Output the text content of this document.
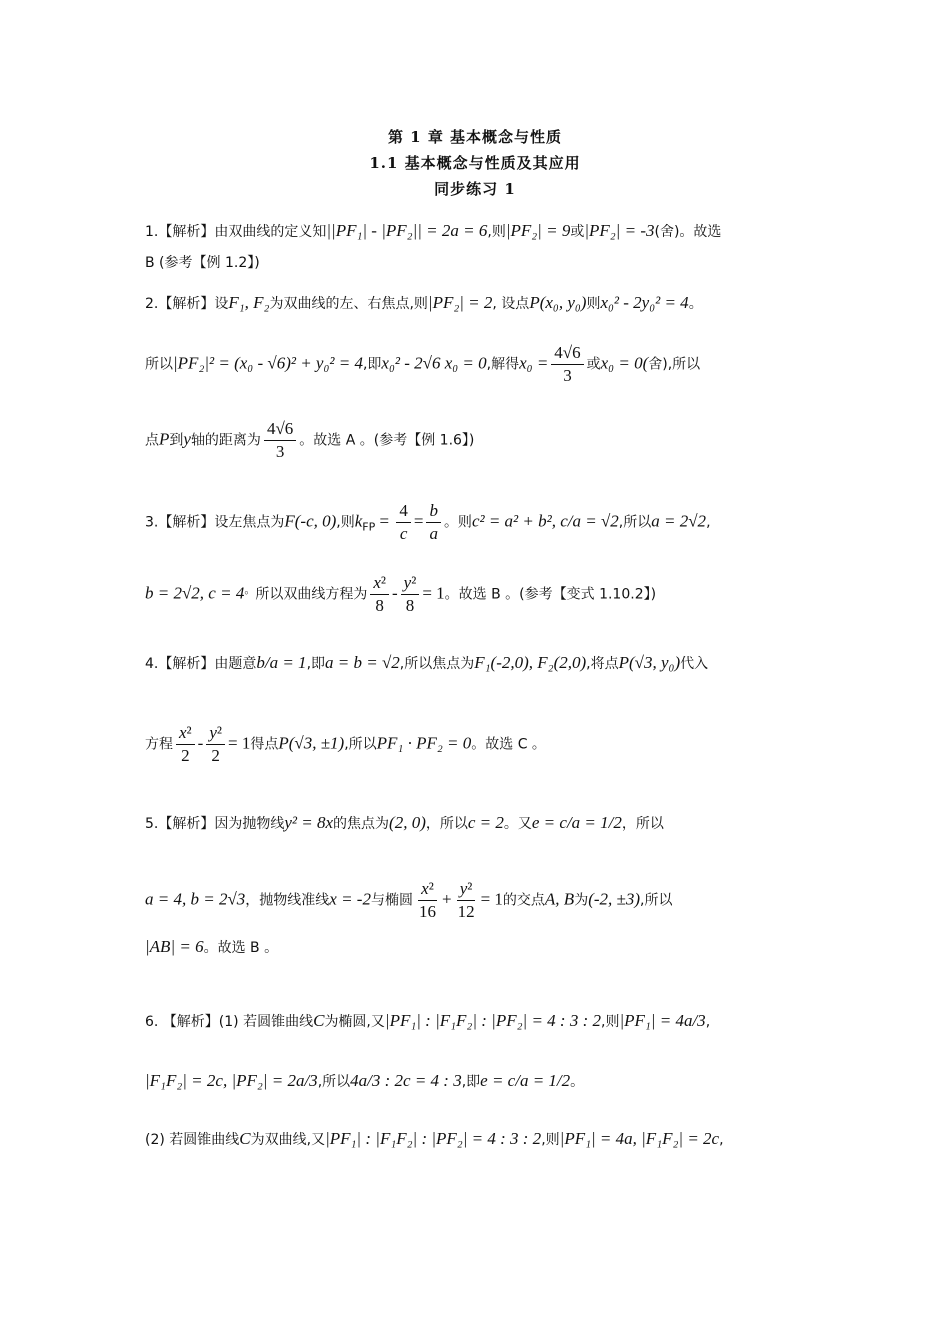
第 1 章 基本概念与性质
1.1 基本概念与性质及其应用
同步练习 1
1.【解析】由双曲线的定义知||PF₁| - |PF₂|| = 2a = 6,则|PF₂| = 9或|PF₂| = -3(舍)。故选
B (参考【例 1.2】)
2.【解析】设F₁, F₂为双曲线的左、右焦点,则|PF₂| = 2, 设点P(x₀, y₀)则x₀² - 2y₀² = 4。
所以|PF₂|² = (x₀ - √6)² + y₀² = 4,即x₀² - 2√6 x₀ = 0,解得$x_0 = \frac{4√6}{3}$ 或x₀ = 0(舍),所以
点P到y轴的距离为 $\frac{4√6}{3}$ 。故选 A 。(参考【例 1.6】)
3.【解析】设左焦点为F(-c, 0),则$k_{FP} = \frac{4}{c} = \frac{b}{a}$ 。则c² = a² + b², c/a = √2,所以a = 2√2,
b = 2√2, c = 4。所以双曲线方程为 $\frac{\text{x²}}{8} - \frac{\text{y²}}{8} = 1$。故选 B 。(参考【变式 1.10.2】)
4.【解析】由题意b/a = 1,即a = b = √2,所以焦点为F₁(-2,0), F₂(2,0),将点P(√3, y₀)代入
方程 $\frac{\text{x²}}{2} - \frac{\text{y²}}{2} = 1$得点P(√3, ±1),所以PF₁ · PF₂ = 0。故选 C 。
5.【解析】因为抛物线y² = 8x的焦点为(2, 0)，所以c = 2。又e = c/a = 1/2，所以
a = 4, b = 2√3，抛物线准线x = -2与椭圆 $\frac{\text{x²}}{16} + \frac{\text{y²}}{12} = 1$的交点A, B为(-2, ±3),所以
|AB| = 6。故选 B 。
6. 【解析】(1) 若圆锥曲线C为椭圆,又|PF₁| : |F₁F₂| : |PF₂| = 4 : 3 : 2,则|PF₁| = 4a/3,
|F₁F₂| = 2c, |PF₂| = 2a/3,所以4a/3 : 2c = 4 : 3,即e = c/a = 1/2。
(2) 若圆锥曲线C为双曲线,又|PF₁| : |F₁F₂| : |PF₂| = 4 : 3 : 2,则|PF₁| = 4a, |F₁F₂| = 2c,
